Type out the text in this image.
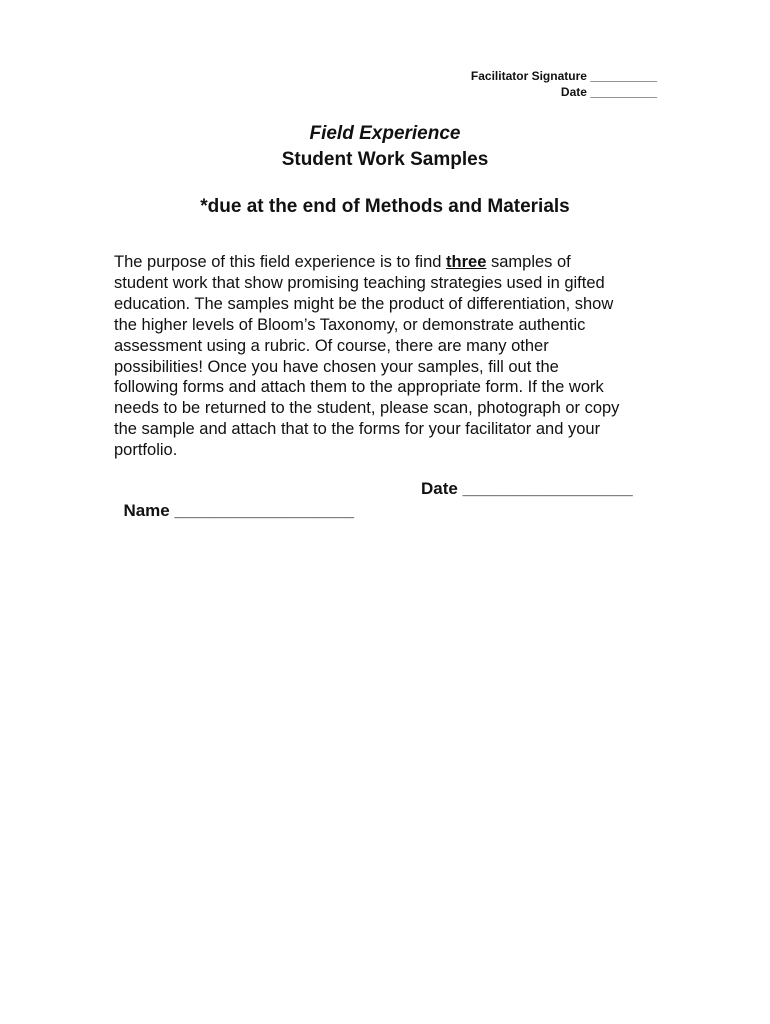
Facilitator Signature __________
Date __________
Field Experience
Student Work Samples
*due at the end of Methods and Materials
The purpose of this field experience is to find three samples of
student work that show promising teaching strategies used in gifted
education. The samples might be the product of differentiation, show
the higher levels of Bloom’s Taxonomy, or demonstrate authentic
assessment using a rubric. Of course, there are many other
possibilities! Once you have chosen your samples, fill out the
following forms and attach them to the appropriate form. If the work
needs to be returned to the student, please scan, photograph or copy
the sample and attach that to the forms for your facilitator and your
portfolio.

Name ___________________

Date __________________
